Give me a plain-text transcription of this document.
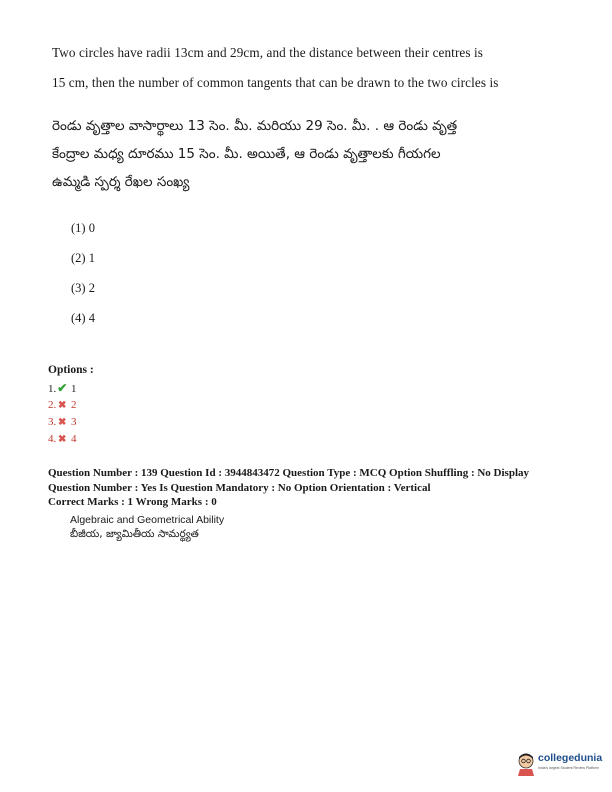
Two circles have radii 13cm and 29cm, and the distance between their centres is
15 cm, then the number of common tangents that can be drawn to the two circles is
రెండు వృత్తాల వాసార్థాలు 13 సెం. మీ. మరియు 29 సెం. మీ. . ఆ రెండు వృత్త
కేంద్రాల మధ్య దూరము 15 సెం. మీ. అయితే, ఆ రెండు వృత్తాలకు గీయగల
ఉమ్మడి స్పర్శ రేఖల సంఖ్య
(1) 0
(2) 1
(3) 2
(4) 4
Options :
1.✔ 1
2. ✖ 2
3. ✖ 3
4. ✖ 4
Question Number : 139 Question Id : 3944843472 Question Type : MCQ Option Shuffling : No Display
Question Number : Yes Is Question Mandatory : No Option Orientation : Vertical
Correct Marks : 1 Wrong Marks : 0
Algebraic and Geometrical Ability
బీజీయ, జ్యామితీయ సామర్థ్యత
collegedunia
India's largest Student Review Platform
